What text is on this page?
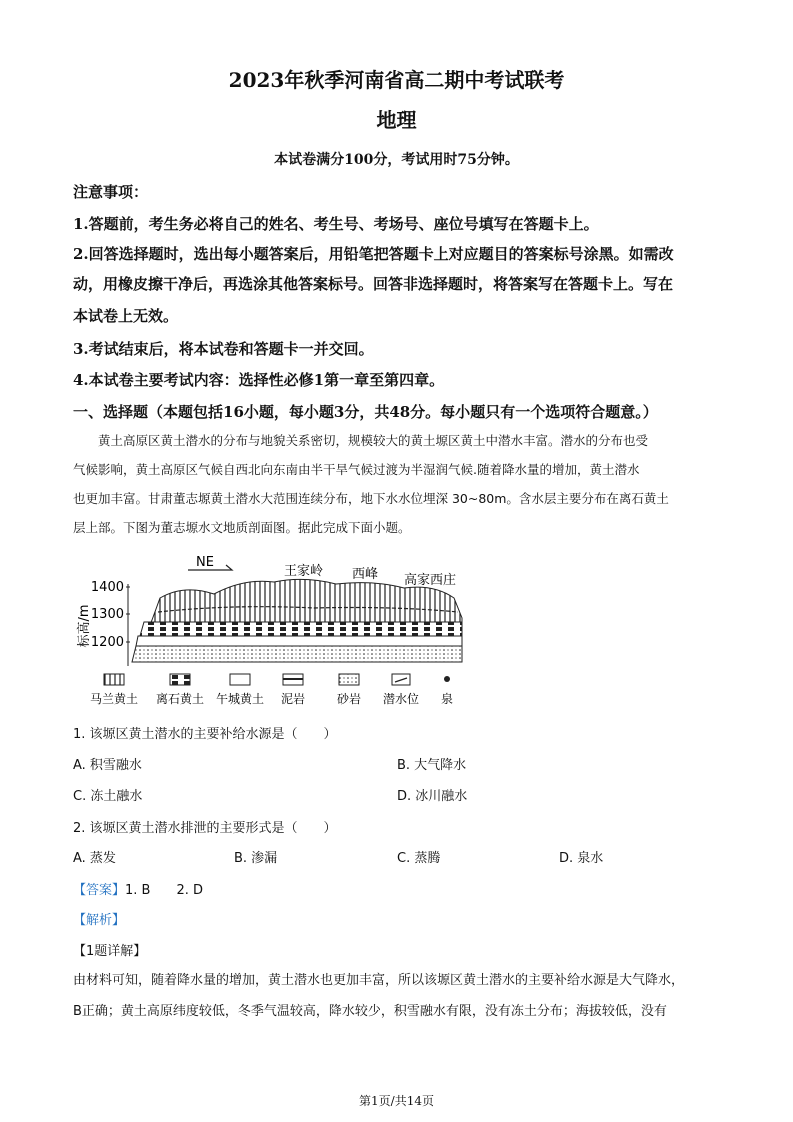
2023年秋季河南省高二期中考试联考
地理
本试卷满分100分，考试用时75分钟。
注意事项：
1.答题前，考生务必将自己的姓名、考生号、考场号、座位号填写在答题卡上。
2.回答选择题时，选出每小题答案后，用铅笔把答题卡上对应题目的答案标号涂黑。如需改
动，用橡皮擦干净后，再选涂其他答案标号。回答非选择题时，将答案写在答题卡上。写在
本试卷上无效。
3.考试结束后，将本试卷和答题卡一并交回。
4.本试卷主要考试内容：选择性必修1第一章至第四章。
一、选择题（本题包括16小题，每小题3分，共48分。每小题只有一个选项符合题意。）

黄土高原区黄土潜水的分布与地貌关系密切，规模较大的黄土塬区黄土中潜水丰富。潜水的分布也受

气候影响，黄土高原区气候自西北向东南由半干旱气候过渡为半湿润气候.随着降水量的增加，黄土潜水

也更加丰富。甘肃董志塬黄土潜水大范围连续分布，地下水水位埋深 30~80m。含水层主要分布在离石黄土

层上部。下图为董志塬水文地质剖面图。据此完成下面小题。

1400
1300
1200
标高/m
NE
王家岭 西峰 高家西庄
马兰黄土 离石黄土 午城黄土 泥岩	砂岩 潜水位 泉
1. 该塬区黄土潜水的主要补给水源是（　　）
A. 积雪融水	B. 大气降水
C. 冻土融水	D. 冰川融水
2. 该塬区黄土潜水排泄的主要形式是（　　）
A. 蒸发	B. 渗漏	C. 蒸腾	D. 泉水
【答案】1. B　　2. D
【解析】
【1题详解】
由材料可知，随着降水量的增加，黄土潜水也更加丰富，所以该塬区黄土潜水的主要补给水源是大气降水，
B正确；黄土高原纬度较低，冬季气温较高，降水较少，积雪融水有限，没有冻土分布；海拔较低，没有
第1页/共14页
